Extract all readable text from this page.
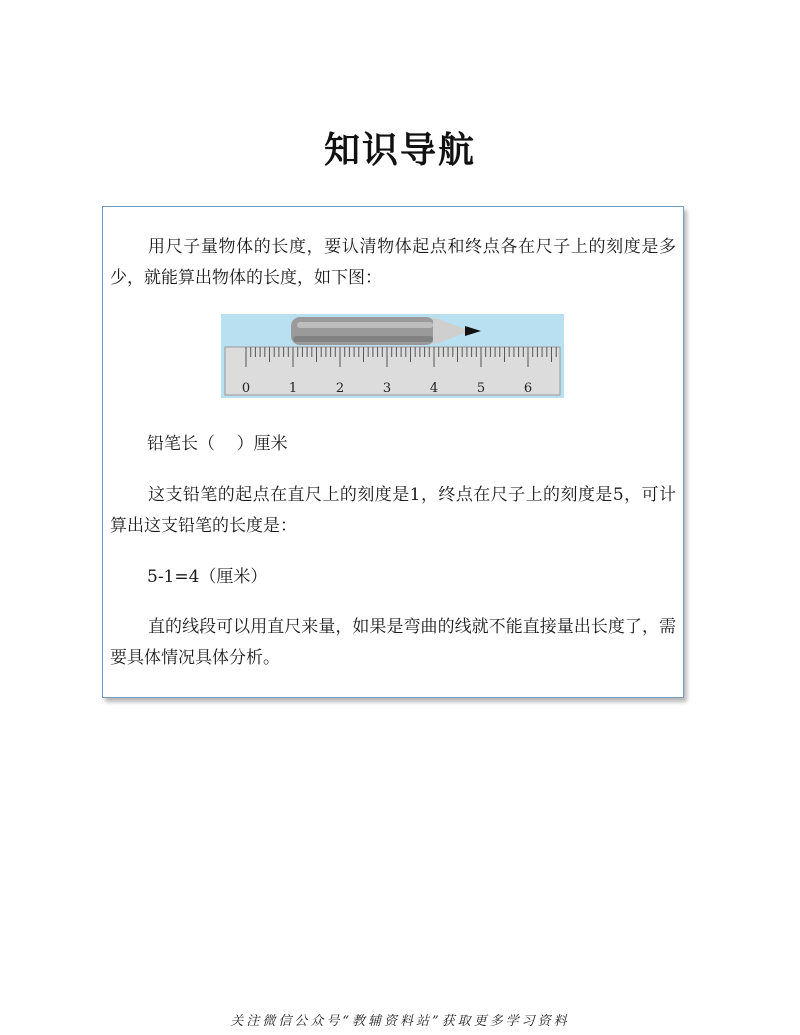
知识导航

用尺子量物体的长度，要认清物体起点和终点各在尺子上的刻度是多少，就能算出物体的长度，如下图：

0	1	2	3	4	5	6

铅笔长（    ）厘米

这支铅笔的起点在直尺上的刻度是1，终点在尺子上的刻度是5，可计算出这支铅笔的长度是：

5-1=4（厘米）

直的线段可以用直尺来量，如果是弯曲的线就不能直接量出长度了，需要具体情况具体分析。

关注微信公众号“教辅资料站”获取更多学习资料
